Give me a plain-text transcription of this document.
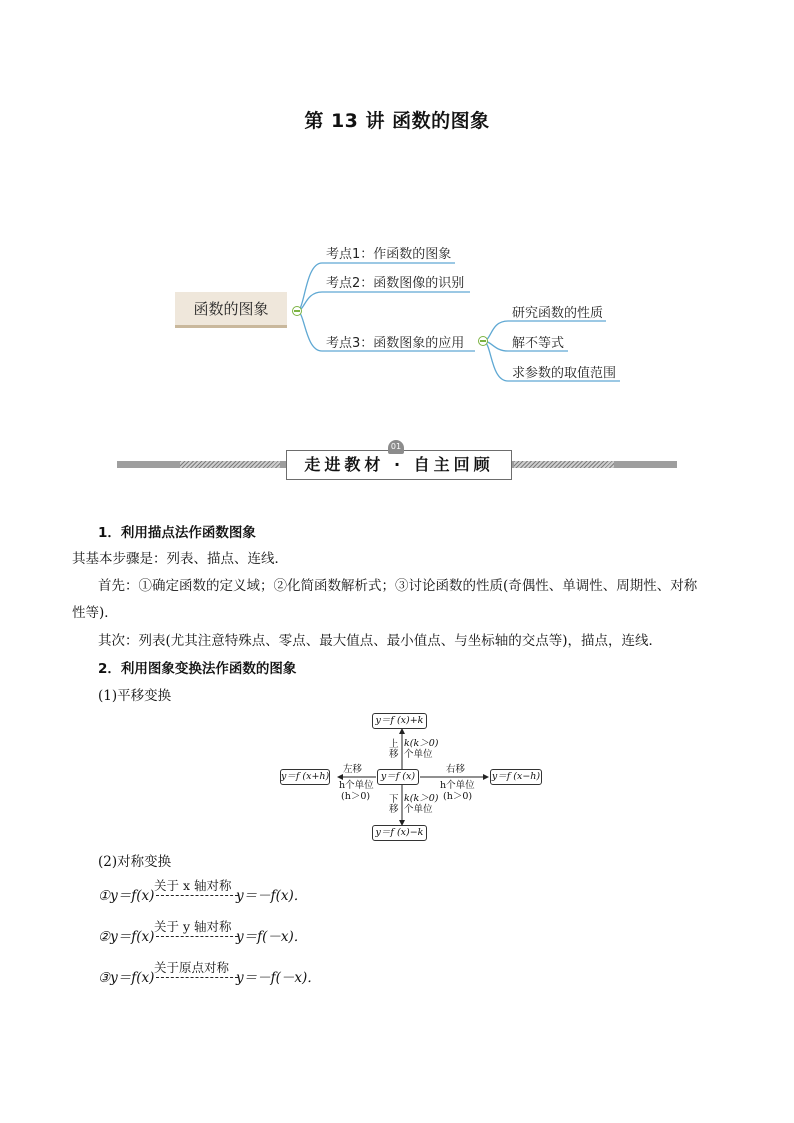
第 13 讲 函数的图象
函数的图象
考点1：作函数的图象
考点2：函数图像的识别
考点3：函数图象的应用
研究函数的性质
解不等式
求参数的取值范围
走进教材 · 自主回顾
01
1．利用描点法作函数图象
其基本步骤是：列表、描点、连线．
首先：①确定函数的定义域；②化简函数解析式；③讨论函数的性质(奇偶性、单调性、周期性、对称
性等)．
其次：列表(尤其注意特殊点、零点、最大值点、最小值点、与坐标轴的交点等)，描点，连线．
2．利用图象变换法作函数的图象
(1)平移变换
y＝f (x)+k
y＝f (x)
y＝f (x)−k
y＝f (x+h)	y＝f (x−h)
上
移
k(k＞0)
个单位
下
移
k(k＞0)
个单位
左移
h个单位
(h＞0)
右移
h个单位
(h＞0)
(2)对称变换
①y＝f(x)
关于 x 轴对称
y＝－f(x)．
②y＝f(x)
关于 y 轴对称
y＝f(－x)．
③y＝f(x)
关于原点对称
y＝－f(－x)．
